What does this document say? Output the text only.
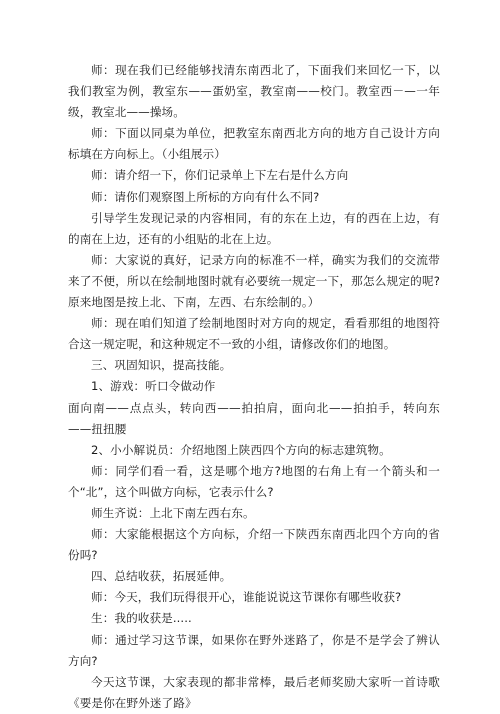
师：现在我们已经能够找清东南西北了，下面我们来回忆一下，以我们教室为例，教室东——蛋奶室，教室南——校门。教室西－—一年级，教室北——操场。

师：下面以同桌为单位，把教室东南西北方向的地方自己设计方向标填在方向标上。（小组展示）

师：请介绍一下，你们记录单上下左右是什么方向

师：请你们观察图上所标的方向有什么不同?

引导学生发现记录的内容相同，有的东在上边，有的西在上边，有的南在上边，还有的小组贴的北在上边。

师：大家说的真好，记录方向的标准不一样，确实为我们的交流带来了不便，所以在绘制地图时就有必要统一规定一下，那怎么规定的呢?原来地图是按上北、下南，左西、右东绘制的。）

师：现在咱们知道了绘制地图时对方向的规定，看看那组的地图符合这一规定呢，和这种规定不一致的小组，请修改你们的地图。

三、巩固知识，提高技能。

1、游戏：听口令做动作

面向南——点点头，转向西——拍拍肩，面向北——拍拍手，转向东——扭扭腰

2、小小解说员：介绍地图上陕西四个方向的标志建筑物。

师：同学们看一看，这是哪个地方?地图的右角上有一个箭头和一个“北”，这个叫做方向标，它表示什么?

师生齐说：上北下南左西右东。

师：大家能根据这个方向标，介绍一下陕西东南西北四个方向的省份吗?

四、总结收获，拓展延伸。

师：今天，我们玩得很开心，谁能说说这节课你有哪些收获?

生：我的收获是.....

师：通过学习这节课，如果你在野外迷路了，你是不是学会了辨认方向?

今天这节课，大家表现的都非常棒，最后老师奖励大家听一首诗歌《要是你在野外迷了路》
